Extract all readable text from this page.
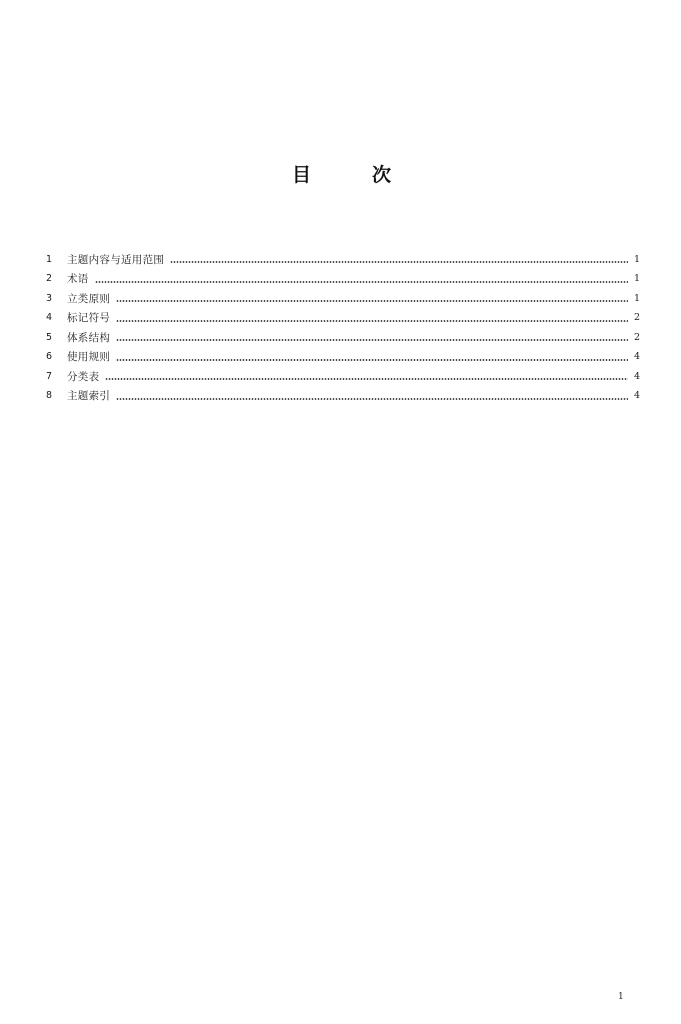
目	次
1	主题内容与适用范围	1
2	术语	1
3	立类原则	1
4	标记符号	2
5	体系结构	2
6	使用规则	4
7	分类表	4
8	主题索引	4
1
